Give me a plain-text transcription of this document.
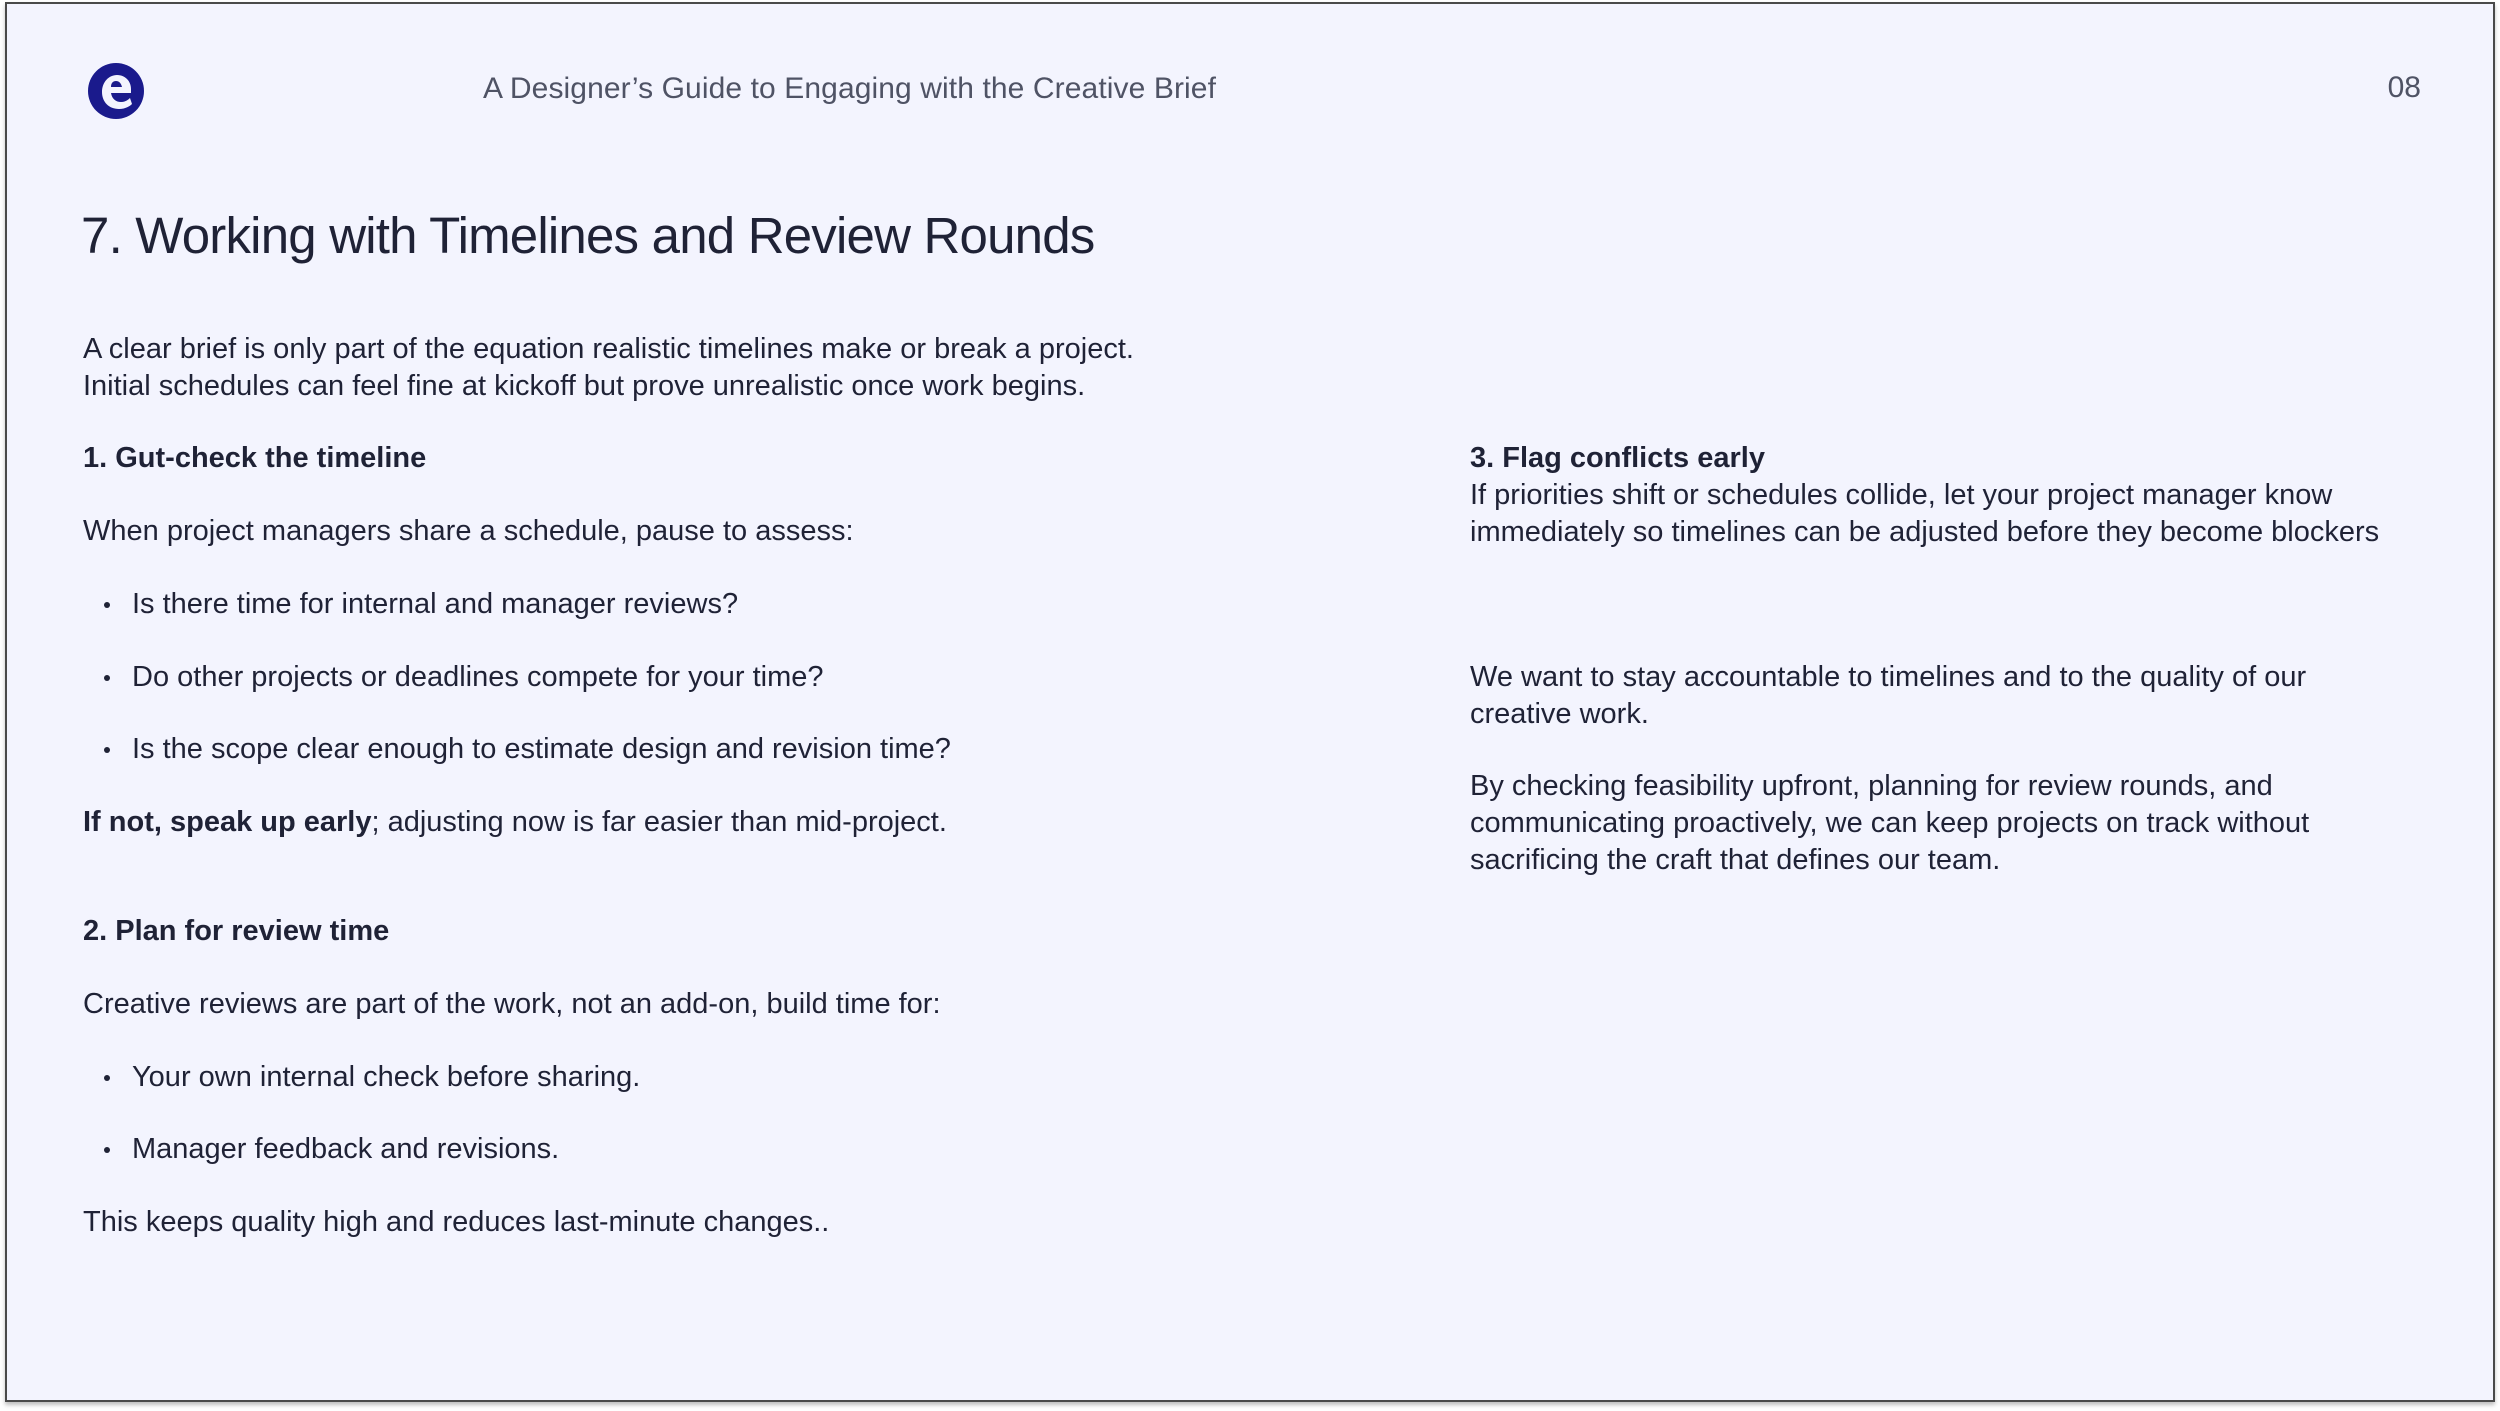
A Designer’s Guide to Engaging with the Creative Brief	08
7. Working with Timelines and Review Rounds
A clear brief is only part of the equation realistic timelines make or break a project.
Initial schedules can feel fine at kickoff but prove unrealistic once work begins.
1. Gut-check the timeline
When project managers share a schedule, pause to assess:
Is there time for internal and manager reviews?
Do other projects or deadlines compete for your time?
Is the scope clear enough to estimate design and revision time?
If not, speak up early; adjusting now is far easier than mid-project.
2. Plan for review time
Creative reviews are part of the work, not an add-on, build time for:
Your own internal check before sharing.
Manager feedback and revisions.
This keeps quality high and reduces last-minute changes..
3. Flag conflicts early
If priorities shift or schedules collide, let your project manager know immediately so timelines can be adjusted before they become blockers
We want to stay accountable to timelines and to the quality of our creative work.
By checking feasibility upfront, planning for review rounds, and communicating proactively, we can keep projects on track without sacrificing the craft that defines our team.
